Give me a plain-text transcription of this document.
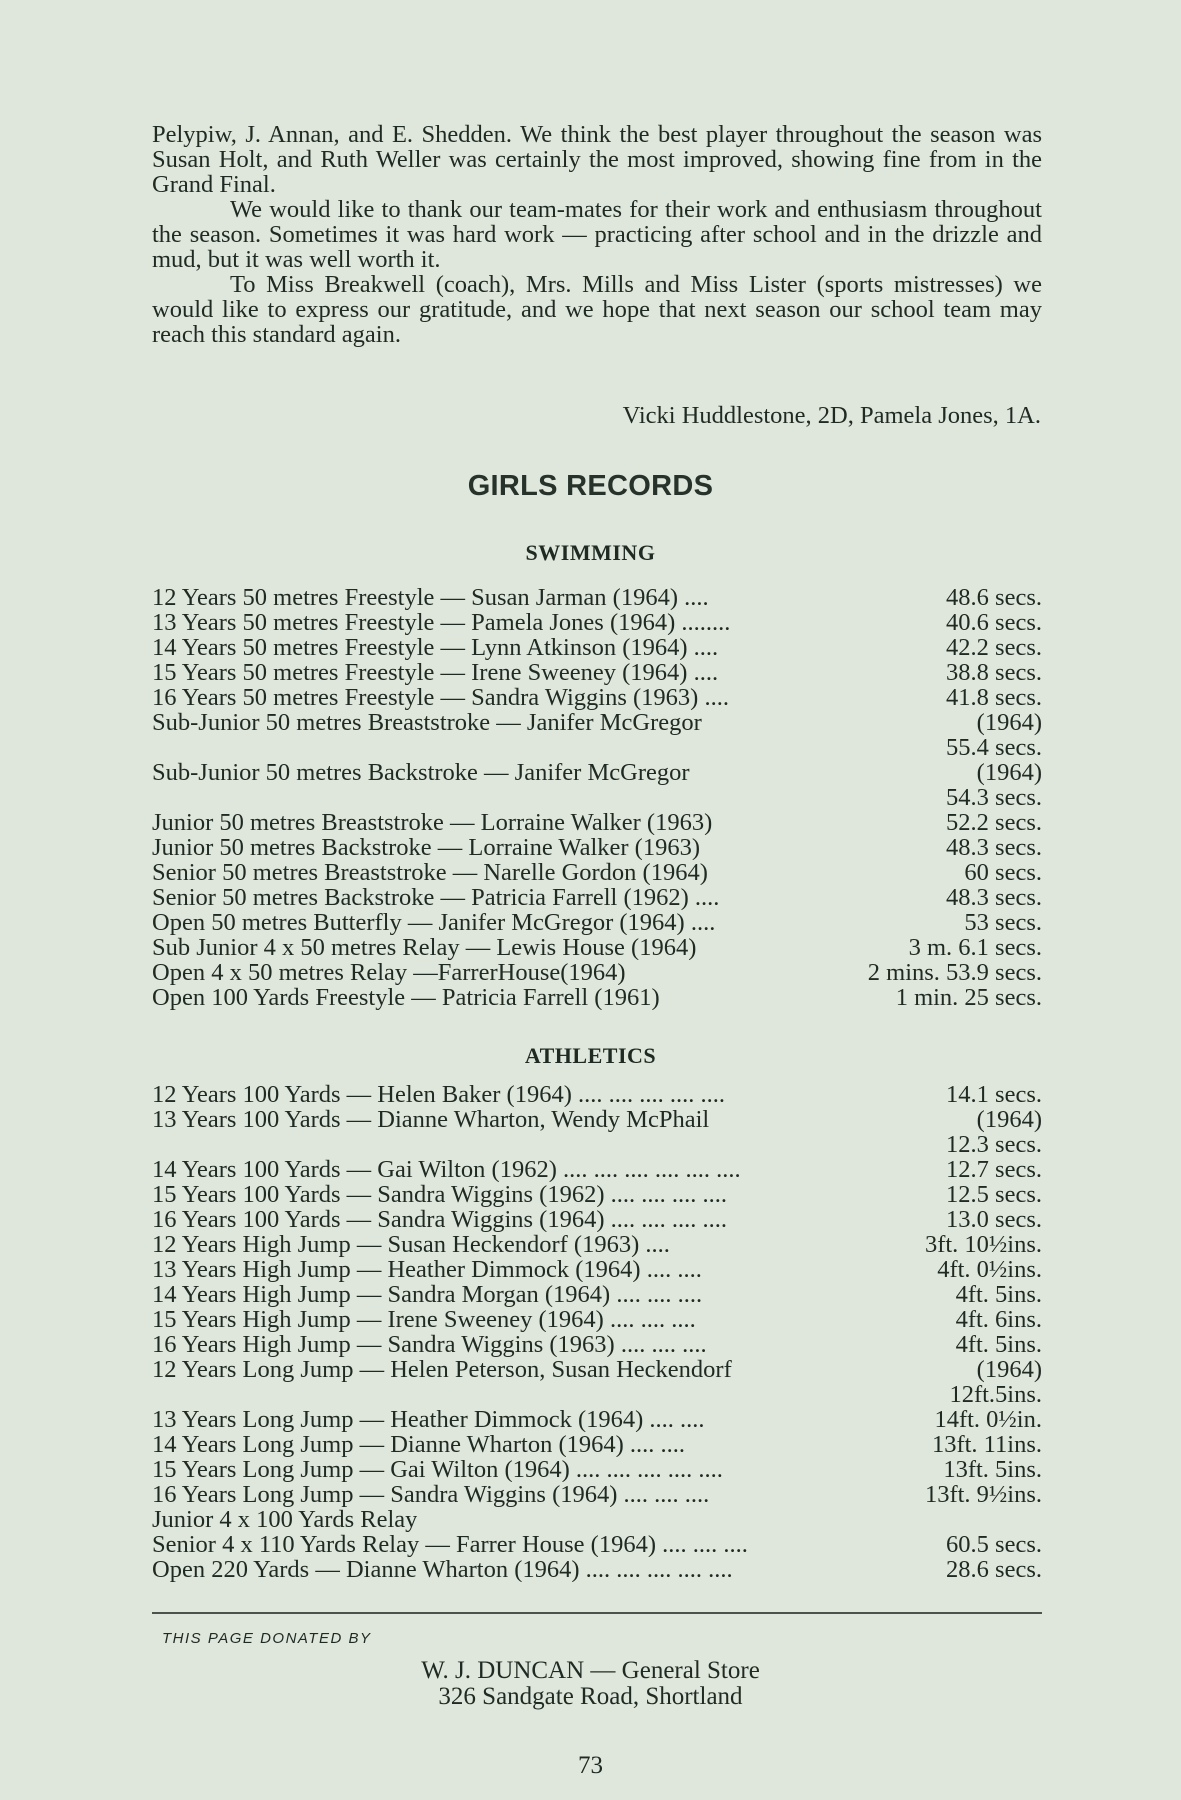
Pelypiw, J. Annan, and E. Shedden. We think the best player throughout the season was Susan Holt, and Ruth Weller was certainly the most improved, showing fine from in the Grand Final.

We would like to thank our team-mates for their work and enthusiasm throughout the season. Sometimes it was hard work — practicing after school and in the drizzle and mud, but it was well worth it.

To Miss Breakwell (coach), Mrs. Mills and Miss Lister (sports mistresses) we would like to express our gratitude, and we hope that next season our school team may reach this standard again.

Vicki Huddlestone, 2D, Pamela Jones, 1A.
GIRLS RECORDS
SWIMMING
12 Years 50 metres Freestyle — Susan Jarman (1964) ....	48.6 secs.
13 Years 50 metres Freestyle — Pamela Jones (1964) ........	40.6 secs.
14 Years 50 metres Freestyle — Lynn Atkinson (1964) ....	42.2 secs.
15 Years 50 metres Freestyle — Irene Sweeney (1964) ....	38.8 secs.
16 Years 50 metres Freestyle — Sandra Wiggins (1963) ....	41.8 secs.
Sub-Junior 50 metres Breaststroke — Janifer McGregor	(1964)
55.4 secs.
Sub-Junior 50 metres Backstroke — Janifer McGregor	(1964)
54.3 secs.
Junior 50 metres Breaststroke — Lorraine Walker (1963)	52.2 secs.
Junior 50 metres Backstroke — Lorraine Walker (1963)	48.3 secs.
Senior 50 metres Breaststroke — Narelle Gordon (1964)	60 secs.
Senior 50 metres Backstroke — Patricia Farrell (1962) ....	48.3 secs.
Open 50 metres Butterfly — Janifer McGregor (1964) ....	53 secs.
Sub Junior 4 x 50 metres Relay — Lewis House (1964)	3 m. 6.1 secs.
Open 4 x 50 metres Relay —FarrerHouse(1964)	2 mins. 53.9 secs.
Open 100 Yards Freestyle — Patricia Farrell (1961)	1 min. 25 secs.
ATHLETICS
12 Years 100 Yards — Helen Baker (1964) .... .... .... .... ....	14.1 secs.
13 Years 100 Yards — Dianne Wharton, Wendy McPhail	(1964)
12.3 secs.
14 Years 100 Yards — Gai Wilton (1962) .... .... .... .... .... ....	12.7 secs.
15 Years 100 Yards — Sandra Wiggins (1962) .... .... .... ....	12.5 secs.
16 Years 100 Yards — Sandra Wiggins (1964) .... .... .... ....	13.0 secs.
12 Years High Jump — Susan Heckendorf (1963) ....	3ft. 10½ins.
13 Years High Jump — Heather Dimmock (1964) .... ....	4ft. 0½ins.
14 Years High Jump — Sandra Morgan (1964) .... .... ....	4ft. 5ins.
15 Years High Jump — Irene Sweeney (1964) .... .... ....	4ft. 6ins.
16 Years High Jump — Sandra Wiggins (1963) .... .... ....	4ft. 5ins.
12 Years Long Jump — Helen Peterson, Susan Heckendorf	(1964)
12ft.5ins.
13 Years Long Jump — Heather Dimmock (1964) .... ....	14ft. 0½in.
14 Years Long Jump — Dianne Wharton (1964) .... ....	13ft. 11ins.
15 Years Long Jump — Gai Wilton (1964) .... .... .... .... ....	13ft. 5ins.
16 Years Long Jump — Sandra Wiggins (1964) .... .... ....	13ft. 9½ins.
Junior 4 x 100 Yards Relay
Senior 4 x 110 Yards Relay — Farrer House (1964) .... .... ....	60.5 secs.
Open 220 Yards — Dianne Wharton (1964) .... .... .... .... ....	28.6 secs.
THIS PAGE DONATED BY
W. J. DUNCAN — General Store
326 Sandgate Road, Shortland
73
